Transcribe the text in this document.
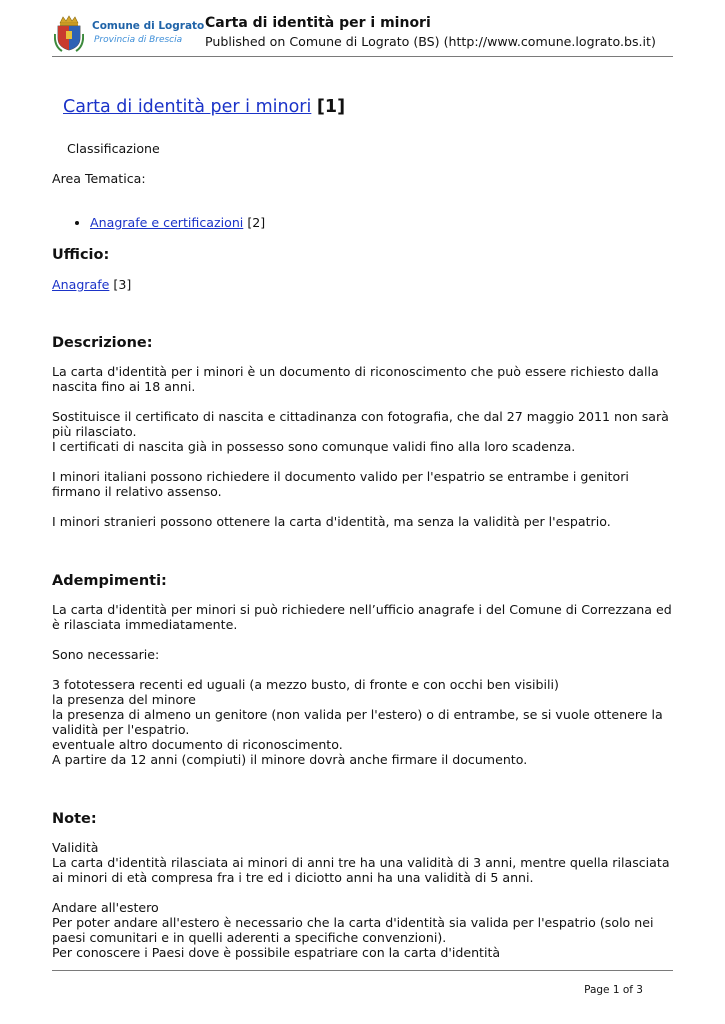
Comune di Lograto
Provincia di Brescia
Carta di identità per i minori
Published on Comune di Lograto (BS) (http://www.comune.lograto.bs.it)
Carta di identità per i minori [1]
Classificazione
Area Tematica:
• Anagrafe e certificazioni [2]
Ufficio:
Anagrafe [3]
Descrizione:

La carta d'identità per i minori è un documento di riconoscimento che può essere richiesto dalla nascita fino ai 18 anni.

Sostituisce il certificato di nascita e cittadinanza con fotografia, che dal 27 maggio 2011 non sarà più rilasciato.

I certificati di nascita già in possesso sono comunque validi fino alla loro scadenza.

I minori italiani possono richiedere il documento valido per l'espatrio se entrambe i genitori firmano il relativo assenso.

I minori stranieri possono ottenere la carta d'identità, ma senza la validità per l'espatrio.

Adempimenti:

La carta d'identità per minori si può richiedere nell’ufficio anagrafe i del Comune di Correzzana ed è rilasciata immediatamente.

Sono necessarie:

3 fototessera recenti ed uguali (a mezzo busto, di fronte e con occhi ben visibili)

la presenza del minore

la presenza di almeno un genitore (non valida per l'estero) o di entrambe, se si vuole ottenere la validità per l'espatrio.

eventuale altro documento di riconoscimento.

A partire da 12 anni (compiuti) il minore dovrà anche firmare il documento.

Note:

Validità

La carta d'identità rilasciata ai minori di anni tre ha una validità di 3 anni, mentre quella rilasciata ai minori di età compresa fra i tre ed i diciotto anni ha una validità di 5 anni.

Andare all'estero

Per poter andare all'estero è necessario che la carta d'identità sia valida per l'espatrio (solo nei paesi comunitari e in quelli aderenti a specifiche convenzioni).

Per conoscere i Paesi dove è possibile espatriare con la carta d'identità

Page 1 of 3
